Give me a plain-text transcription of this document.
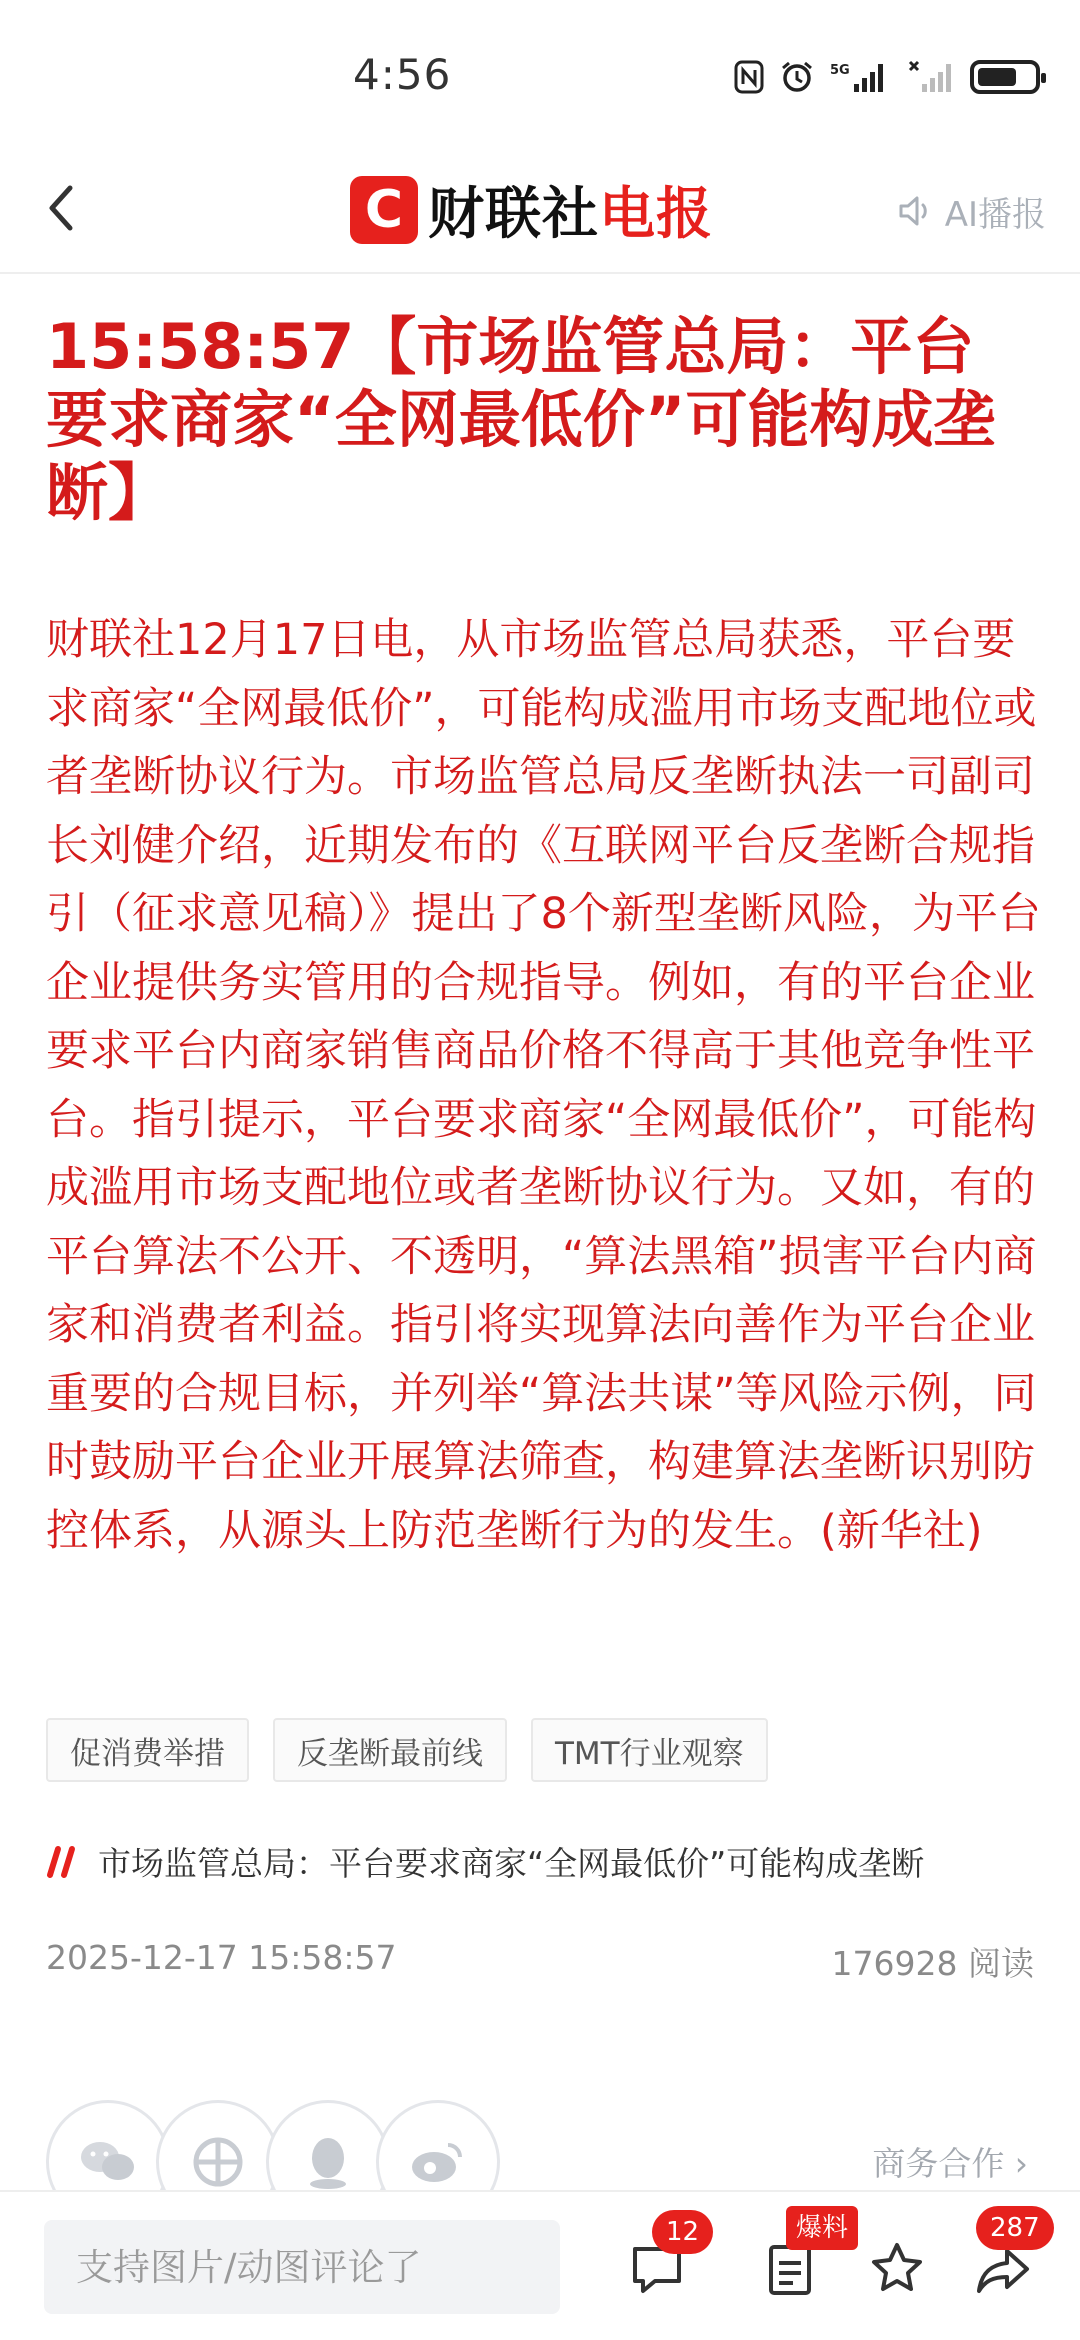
4:56	5G
C 财联社电报	AI播报
15:58:57【市场监管总局：平台要求商家“全网最低价”可能构成垄断】

财联社12月17日电，从市场监管总局获悉，平台要求商家“全网最低价”，可能构成滥用市场支配地位或者垄断协议行为。市场监管总局反垄断执法一司副司长刘健介绍，近期发布的《互联网平台反垄断合规指引（征求意见稿）》提出了8个新型垄断风险，为平台企业提供务实管用的合规指导。例如，有的平台企业要求平台内商家销售商品价格不得高于其他竞争性平台。指引提示，平台要求商家“全网最低价”，可能构成滥用市场支配地位或者垄断协议行为。又如，有的平台算法不公开、不透明，“算法黑箱”损害平台内商家和消费者利益。指引将实现算法向善作为平台企业重要的合规目标，并列举“算法共谋”等风险示例，同时鼓励平台企业开展算法筛查，构建算法垄断识别防控体系，从源头上防范垄断行为的发生。(新华社)

促消费举措	反垄断最前线	TMT行业观察
市场监管总局：平台要求商家“全网最低价”可能构成垄断
2025-12-17 15:58:57	176928 阅读
商务合作 ›
支持图片/动图评论了
12	爆料	287
